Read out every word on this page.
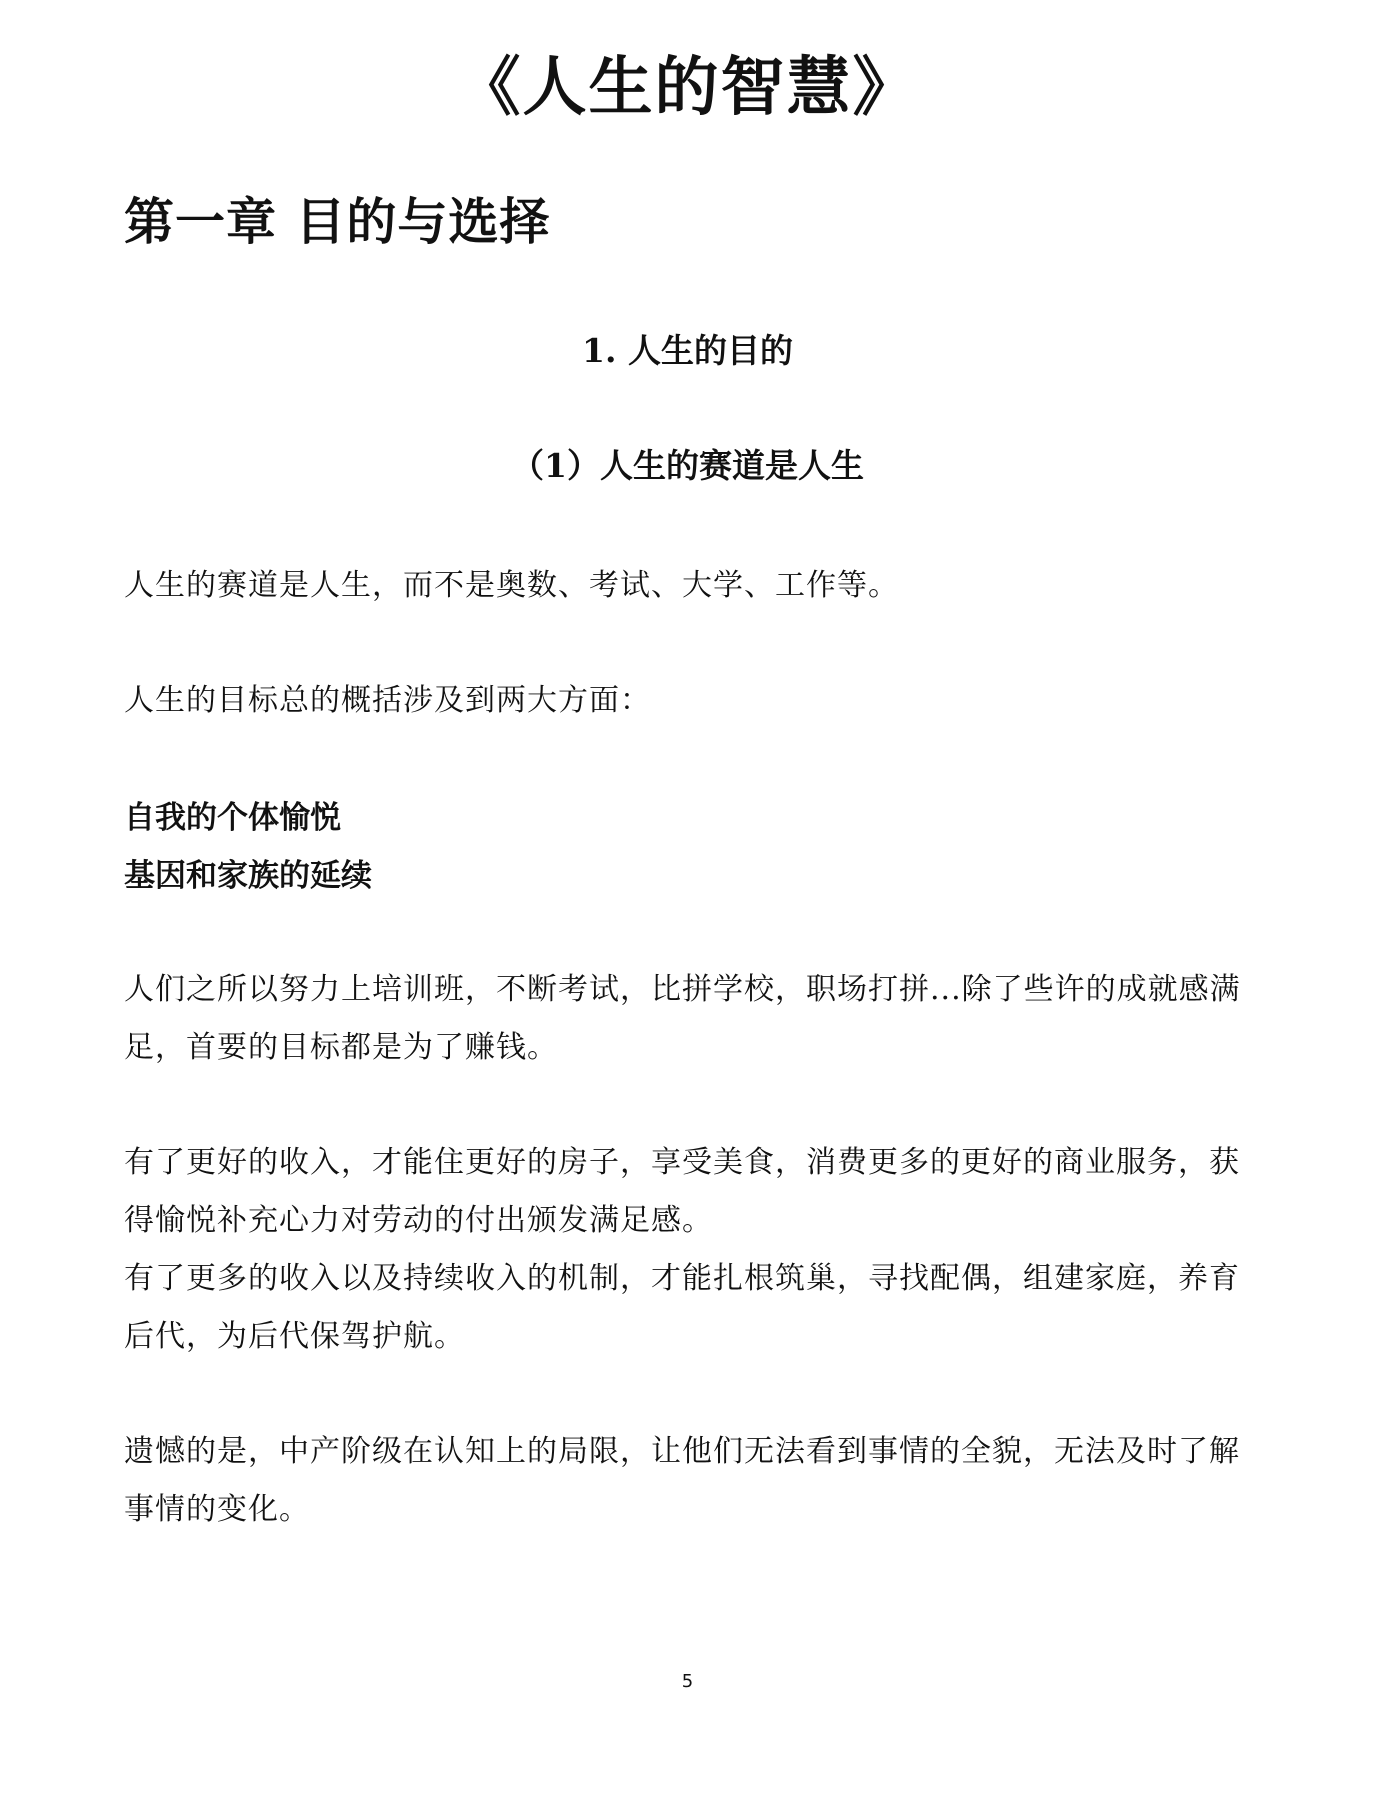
《人生的智慧》
第一章 目的与选择
1. 人生的目的
（1）人生的赛道是人生

人生的赛道是人生，而不是奥数、考试、大学、工作等。

人生的目标总的概括涉及到两大方面：

自我的个体愉悦
基因和家族的延续

人们之所以努力上培训班，不断考试，比拼学校，职场打拼...除了些许的成就感满足，首要的目标都是为了赚钱。

有了更好的收入，才能住更好的房子，享受美食，消费更多的更好的商业服务，获得愉悦补充心力对劳动的付出颁发满足感。

有了更多的收入以及持续收入的机制，才能扎根筑巢，寻找配偶，组建家庭，养育后代，为后代保驾护航。

遗憾的是，中产阶级在认知上的局限，让他们无法看到事情的全貌，无法及时了解事情的变化。

5
